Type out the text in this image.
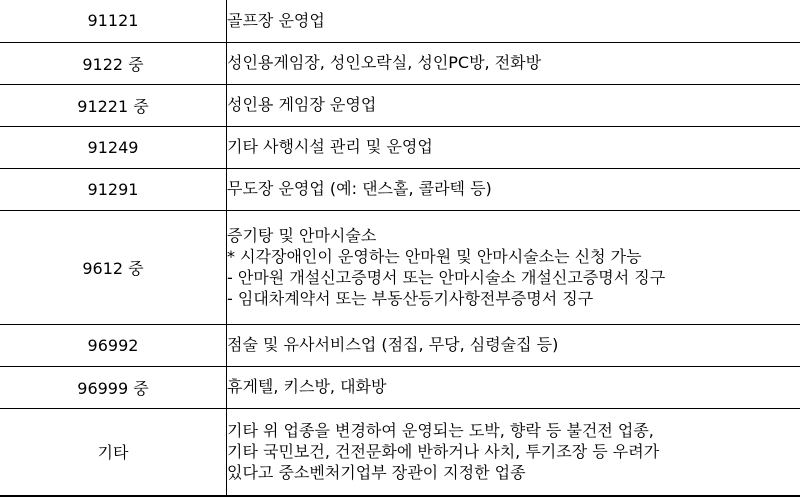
91121	골프장 운영업

9122 중	성인용게임장, 성인오락실, 성인PC방, 전화방

91221 중	성인용 게임장 운영업

91249	기타 사행시설 관리 및 운영업

91291	무도장 운영업 (예: 댄스홀, 콜라텍 등)

9612 중	증기탕 및 안마시술소
* 시각장애인이 운영하는 안마원 및 안마시술소는 신청 가능
- 안마원 개설신고증명서 또는 안마시술소 개설신고증명서 징구
- 임대차계약서 또는 부동산등기사항전부증명서 징구

96992	점술 및 유사서비스업 (점집, 무당, 심령술집 등)

96999 중	휴게텔, 키스방, 대화방

기타	기타 위 업종을 변경하여 운영되는 도박, 향락 등 불건전 업종,
기타 국민보건, 건전문화에 반하거나 사치, 투기조장 등 우려가
있다고 중소벤처기업부 장관이 지정한 업종
